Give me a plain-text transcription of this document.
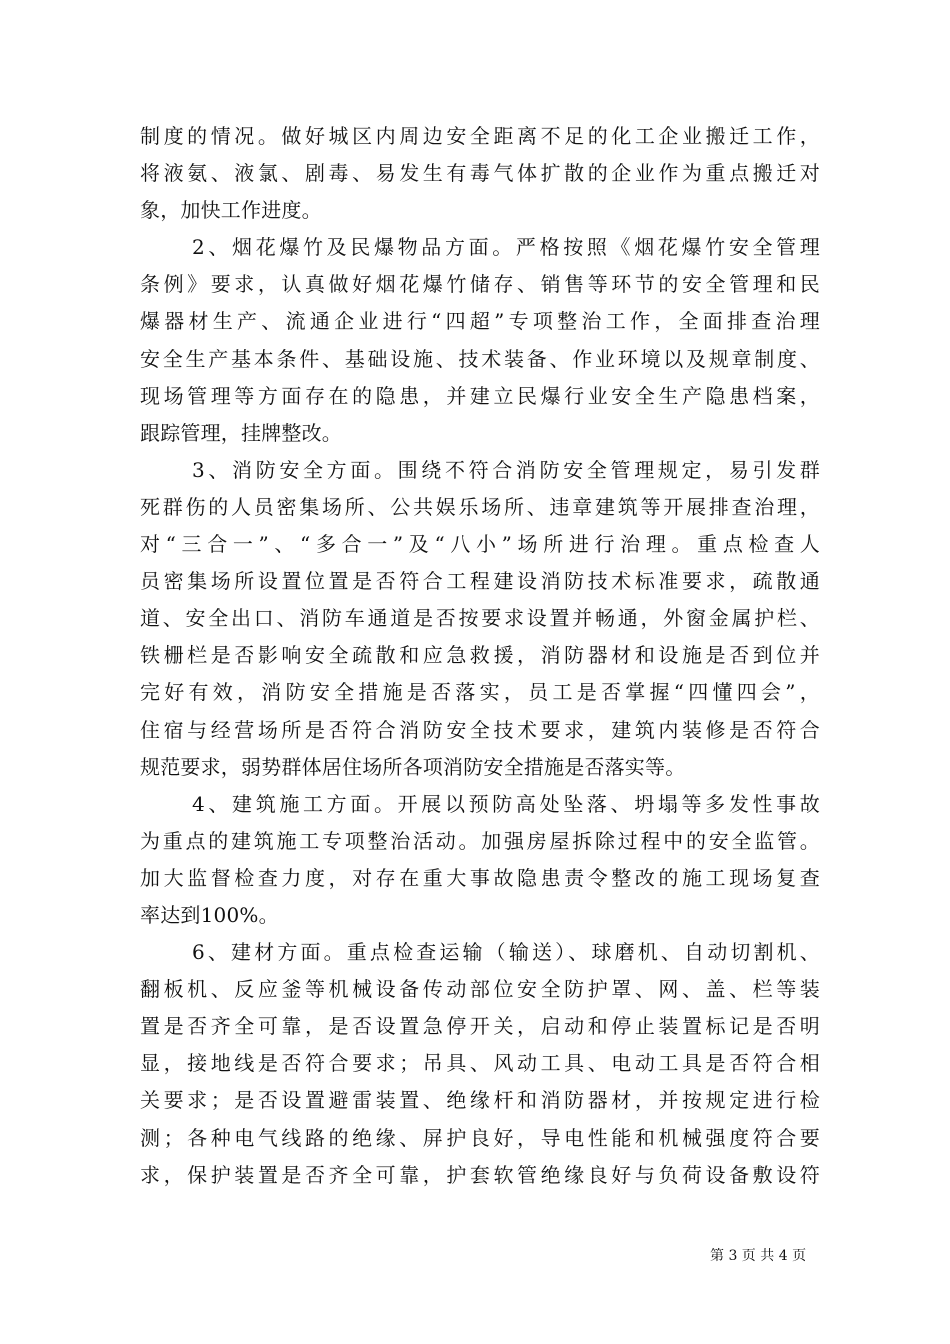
制度的情况。做好城区内周边安全距离不足的化工企业搬迁工作，
将液氨、液氯、剧毒、易发生有毒气体扩散的企业作为重点搬迁对
象，加快工作进度。
2、烟花爆竹及民爆物品方面。严格按照《烟花爆竹安全管理
条例》要求，认真做好烟花爆竹储存、销售等环节的安全管理和民
爆器材生产、流通企业进行“四超”专项整治工作，全面排查治理
安全生产基本条件、基础设施、技术装备、作业环境以及规章制度、
现场管理等方面存在的隐患，并建立民爆行业安全生产隐患档案，
跟踪管理，挂牌整改。
3、消防安全方面。围绕不符合消防安全管理规定，易引发群
死群伤的人员密集场所、公共娱乐场所、违章建筑等开展排查治理，
对“三合一”、“多合一”及“八小”场所进行治理。重点检查人
员密集场所设置位置是否符合工程建设消防技术标准要求，疏散通
道、安全出口、消防车通道是否按要求设置并畅通，外窗金属护栏、
铁栅栏是否影响安全疏散和应急救援，消防器材和设施是否到位并
完好有效，消防安全措施是否落实，员工是否掌握“四懂四会”，
住宿与经营场所是否符合消防安全技术要求，建筑内装修是否符合
规范要求，弱势群体居住场所各项消防安全措施是否落实等。
4、建筑施工方面。开展以预防高处坠落、坍塌等多发性事故
为重点的建筑施工专项整治活动。加强房屋拆除过程中的安全监管。
加大监督检查力度，对存在重大事故隐患责令整改的施工现场复查
率达到100%。
6、建材方面。重点检查运输（输送）、球磨机、自动切割机、
翻板机、反应釜等机械设备传动部位安全防护罩、网、盖、栏等装
置是否齐全可靠，是否设置急停开关，启动和停止装置标记是否明
显，接地线是否符合要求；吊具、风动工具、电动工具是否符合相
关要求；是否设置避雷装置、绝缘杆和消防器材，并按规定进行检
测；各种电气线路的绝缘、屏护良好，导电性能和机械强度符合要
求，保护装置是否齐全可靠，护套软管绝缘良好与负荷设备敷设符
第 3 页 共 4 页
